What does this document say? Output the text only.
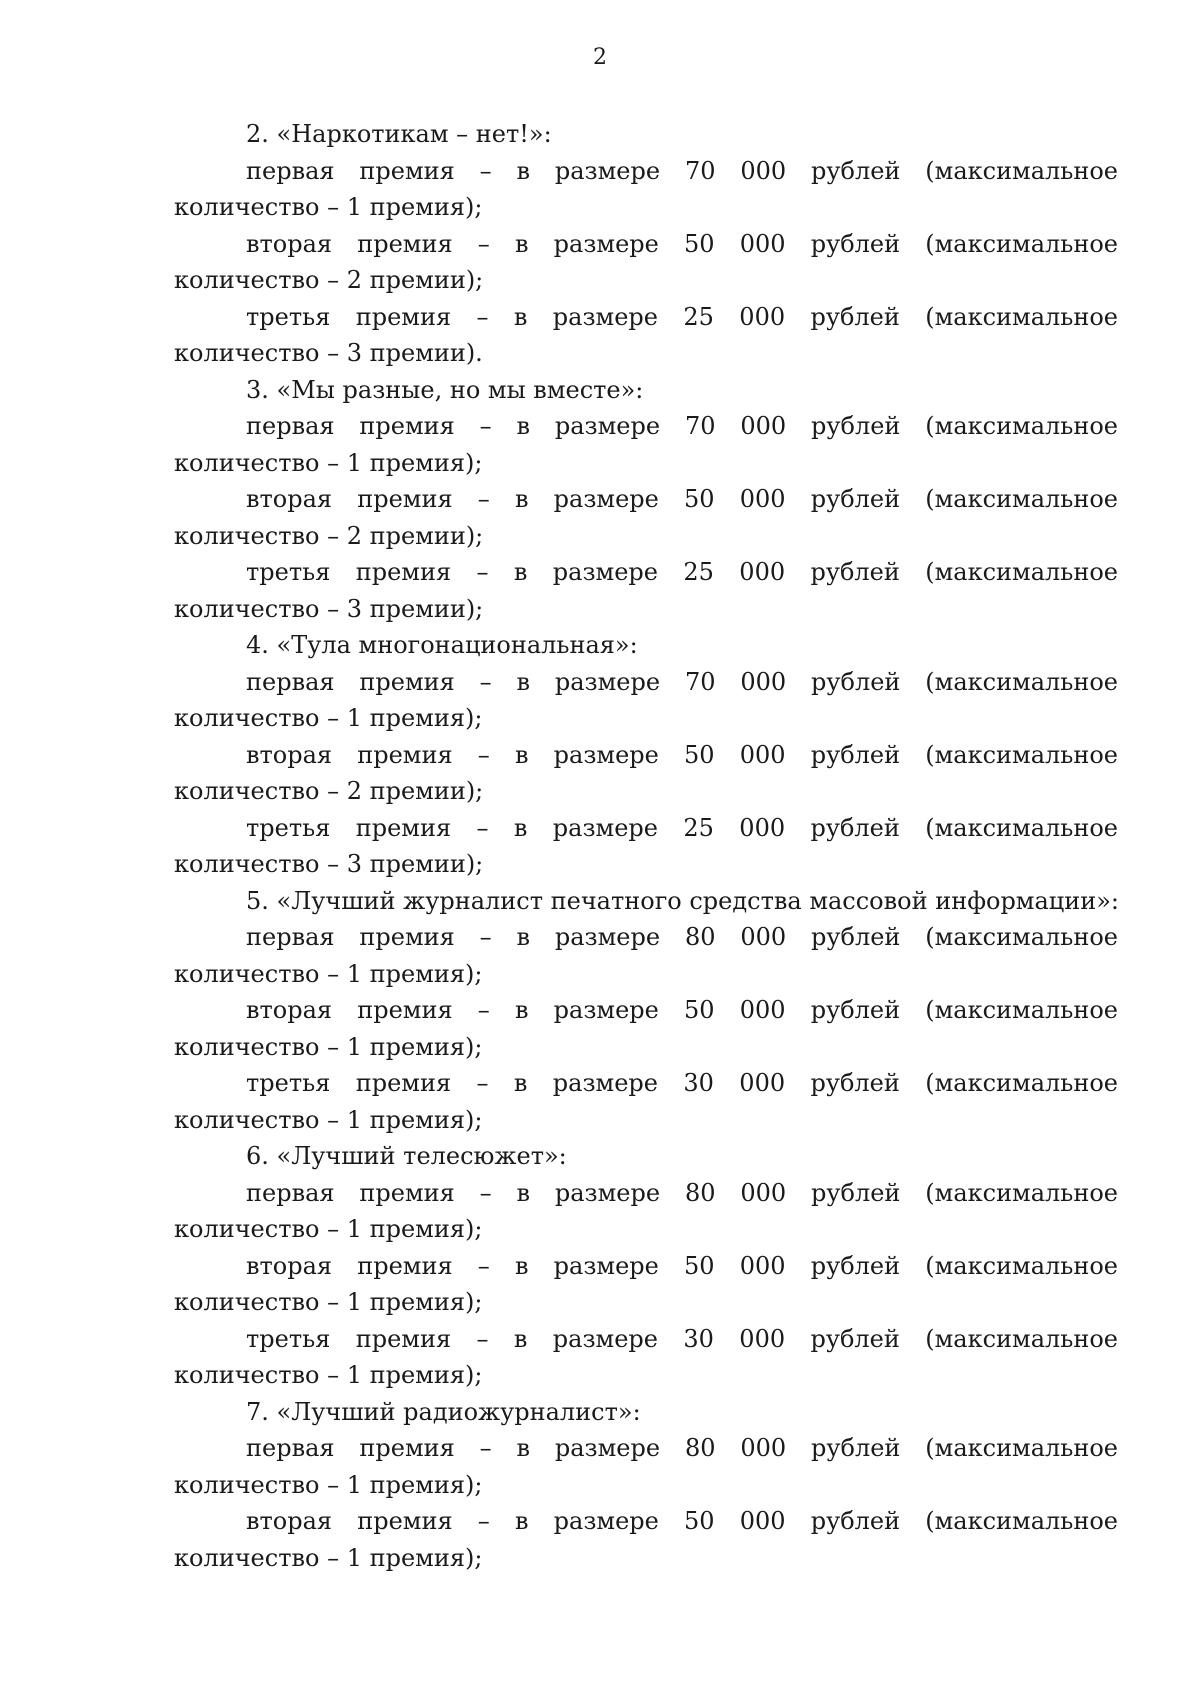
2
2. «Наркотикам – нет!»:
первая премия – в размере 70 000 рублей (максимальное количество – 1 премия);
вторая премия – в размере 50 000 рублей (максимальное количество – 2 премии);
третья премия – в размере 25 000 рублей (максимальное количество – 3 премии).
3. «Мы разные, но мы вместе»:
первая премия – в размере 70 000 рублей (максимальное количество – 1 премия);
вторая премия – в размере 50 000 рублей (максимальное количество – 2 премии);
третья премия – в размере 25 000 рублей (максимальное количество – 3 премии);
4. «Тула многонациональная»:
первая премия – в размере 70 000 рублей (максимальное количество – 1 премия);
вторая премия – в размере 50 000 рублей (максимальное количество – 2 премии);
третья премия – в размере 25 000 рублей (максимальное количество – 3 премии);
5. «Лучший журналист печатного средства массовой информации»:
первая премия – в размере 80 000 рублей (максимальное количество – 1 премия);
вторая премия – в размере 50 000 рублей (максимальное количество – 1 премия);
третья премия – в размере 30 000 рублей (максимальное количество – 1 премия);
6. «Лучший телесюжет»:
первая премия – в размере 80 000 рублей (максимальное количество – 1 премия);
вторая премия – в размере 50 000 рублей (максимальное количество – 1 премия);
третья премия – в размере 30 000 рублей (максимальное количество – 1 премия);
7. «Лучший радиожурналист»:
первая премия – в размере 80 000 рублей (максимальное количество – 1 премия);
вторая премия – в размере 50 000 рублей (максимальное количество – 1 премия);
